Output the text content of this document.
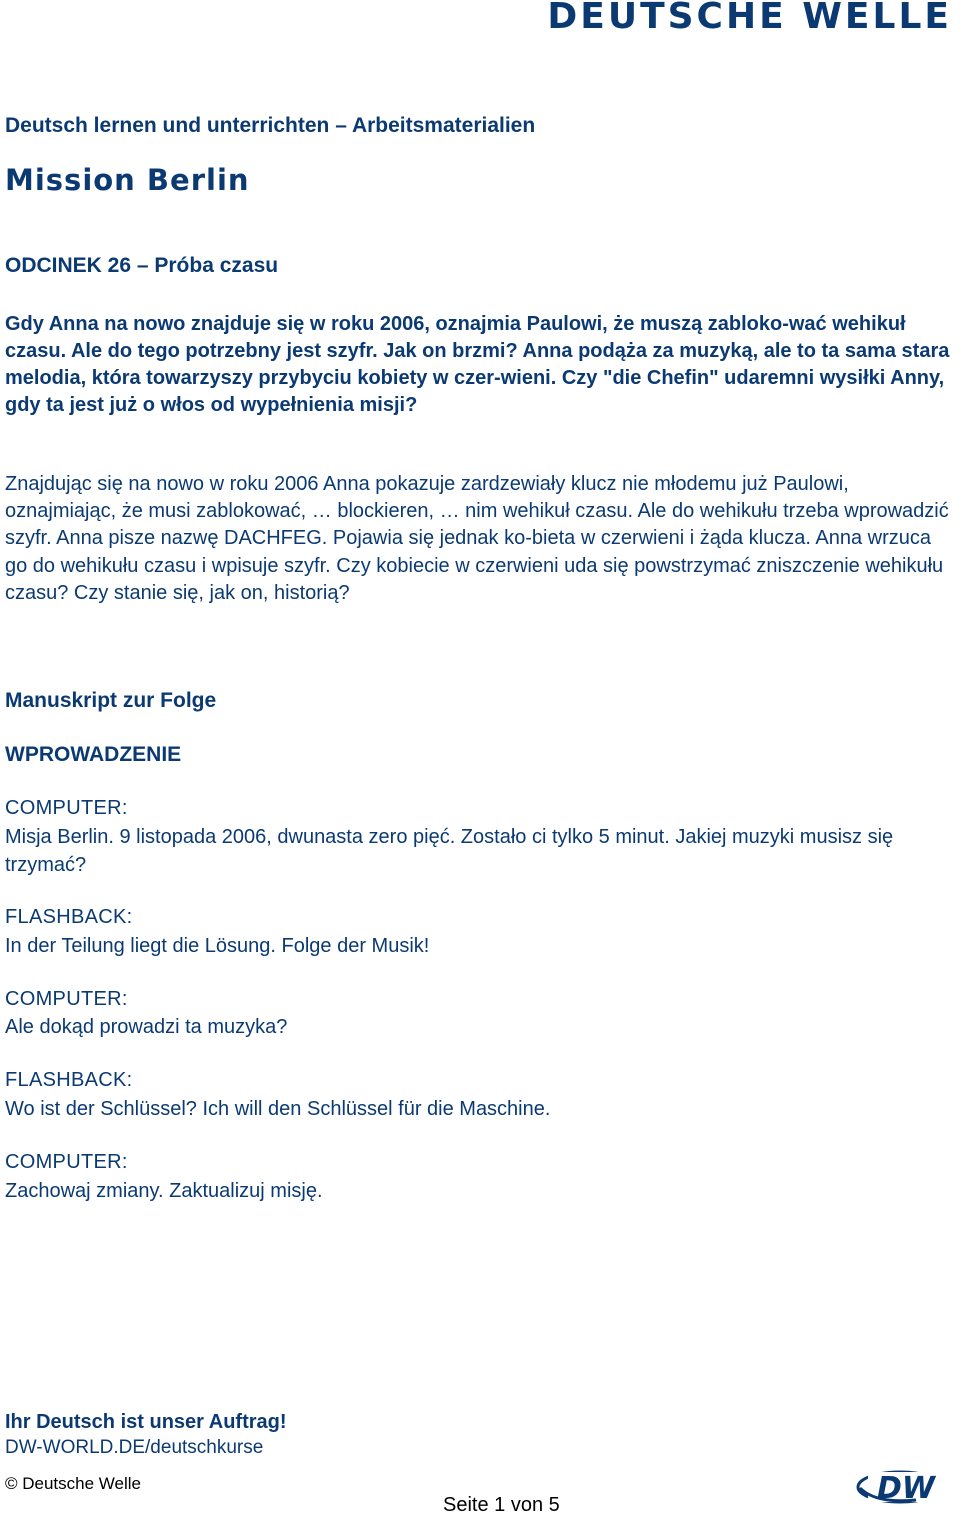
DEUTSCHE WELLE
Deutsch lernen und unterrichten – Arbeitsmaterialien
Mission Berlin
ODCINEK 26 – Próba czasu
Gdy Anna na nowo znajduje się w roku 2006, oznajmia Paulowi, że muszą zabloko-wać wehikuł czasu. Ale do tego potrzebny jest szyfr. Jak on brzmi? Anna podąża za muzyką, ale to ta sama stara melodia, która towarzyszy przybyciu kobiety w czer-wieni. Czy "die Chefin" udaremni wysiłki Anny, gdy ta jest już o włos od wypełnienia misji?
Znajdując się na nowo w roku 2006 Anna pokazuje zardzewiały klucz nie młodemu już Paulowi, oznajmiając, że musi zablokować, … blockieren, … nim wehikuł czasu. Ale do wehikułu trzeba wprowadzić szyfr. Anna pisze nazwę DACHFEG. Pojawia się jednak ko-bieta w czerwieni i żąda klucza. Anna wrzuca go do wehikułu czasu i wpisuje szyfr. Czy kobiecie w czerwieni uda się powstrzymać zniszczenie wehikułu czasu? Czy stanie się, jak on, historią?
Manuskript zur Folge
WPROWADZENIE
COMPUTER:
Misja Berlin. 9 listopada 2006, dwunasta zero pięć. Zostało ci tylko 5 minut. Jakiej muzyki musisz się trzymać?
FLASHBACK:
In der Teilung liegt die Lösung. Folge der Musik!
COMPUTER:
Ale dokąd prowadzi ta muzyka?
FLASHBACK:
Wo ist der Schlüssel? Ich will den Schlüssel für die Maschine.
COMPUTER:
Zachowaj zmiany. Zaktualizuj misję.
Ihr Deutsch ist unser Auftrag!
DW-WORLD.DE/deutschkurse
© Deutsche Welle
Seite 1 von 5	DW
